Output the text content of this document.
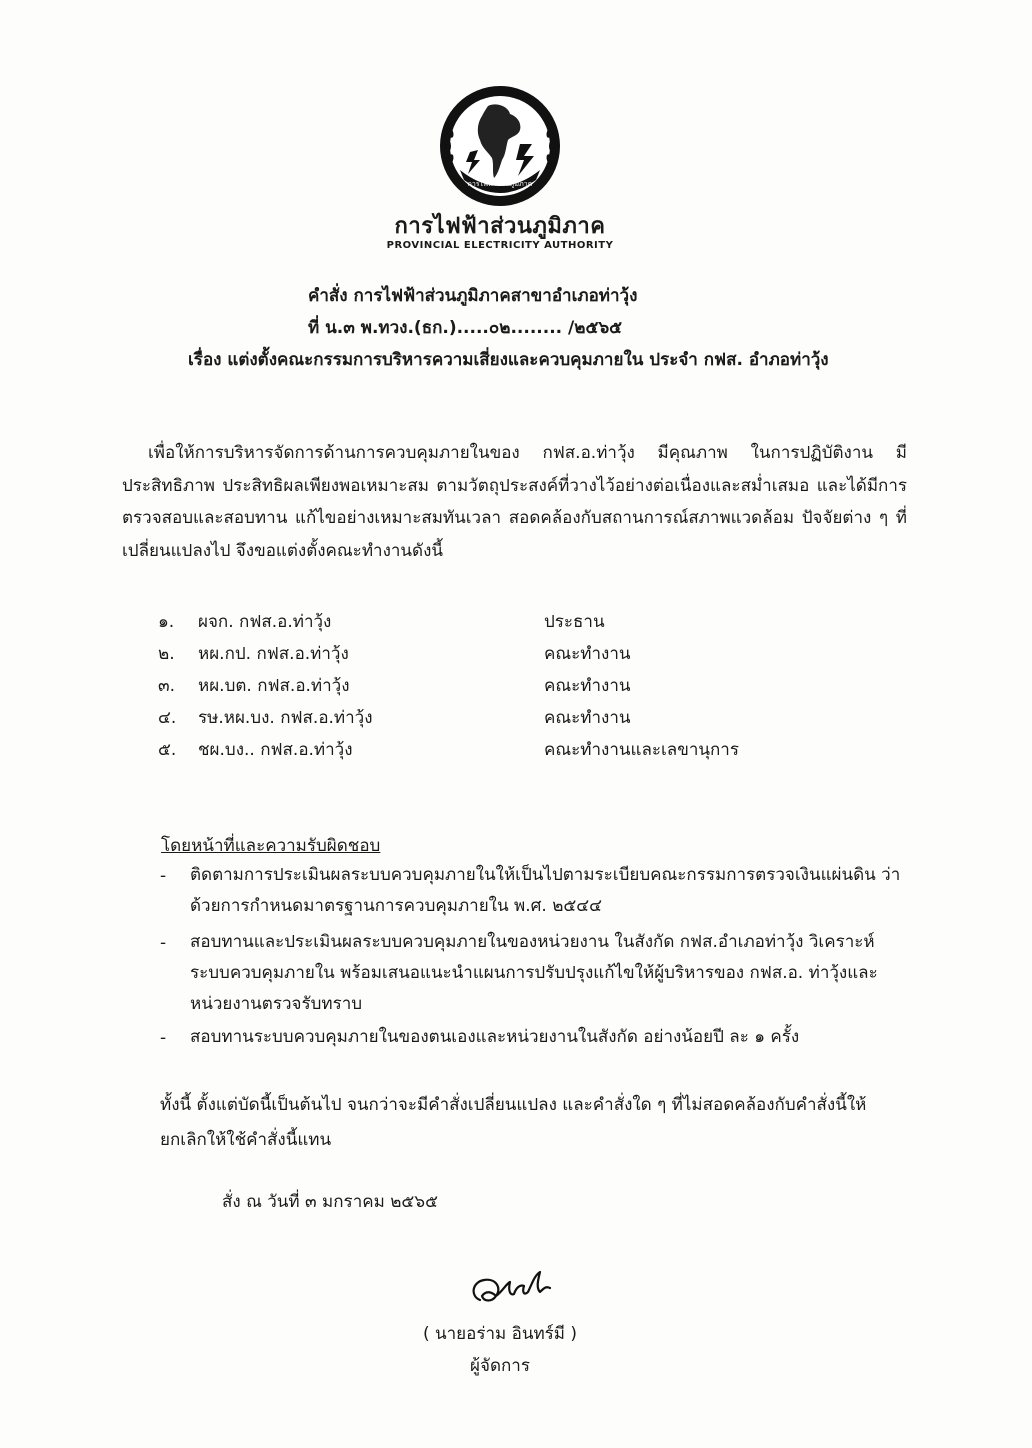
การไฟฟ้าส่วนภูมิภาค
การไฟฟ้าส่วนภูมิภาค
PROVINCIAL ELECTRICITY AUTHORITY
คำสั่ง การไฟฟ้าส่วนภูมิภาคสาขาอำเภอท่าวุ้ง
ที่ น.๓ พ.ทวง.(ธก.).....๐๒........ /๒๕๖๕
เรื่อง แต่งตั้งคณะกรรมการบริหารความเสี่ยงและควบคุมภายใน ประจำ กฟส. อำภอท่าวุ้ง
เพื่อให้การบริหารจัดการด้านการควบคุมภายในของ กฟส.อ.ท่าวุ้ง มีคุณภาพ ในการปฏิบัติงาน มีประสิทธิภาพ ประสิทธิผลเพียงพอเหมาะสม ตามวัตถุประสงค์ที่วางไว้อย่างต่อเนื่องและสม่ำเสมอ และได้มีการตรวจสอบและสอบทาน แก้ไขอย่างเหมาะสมทันเวลา สอดคล้องกับสถานการณ์สภาพแวดล้อม ปัจจัยต่าง ๆ ที่เปลี่ยนแปลงไป จึงขอแต่งตั้งคณะทำงานดังนี้
๑. ผจก. กฟส.อ.ท่าวุ้ง	ประธาน
๒. หผ.กป. กฟส.อ.ท่าวุ้ง	คณะทำงาน
๓. หผ.บต. กฟส.อ.ท่าวุ้ง	คณะทำงาน
๔. รษ.หผ.บง. กฟส.อ.ท่าวุ้ง	คณะทำงาน
๕. ชผ.บง.. กฟส.อ.ท่าวุ้ง	คณะทำงานและเลขานุการ
โดยหน้าที่และความรับผิดชอบ
- ติดตามการประเมินผลระบบควบคุมภายในให้เป็นไปตามระเบียบคณะกรรมการตรวจเงินแผ่นดิน ว่าด้วยการกำหนดมาตรฐานการควบคุมภายใน พ.ศ. ๒๕๔๔
- สอบทานและประเมินผลระบบควบคุมภายในของหน่วยงาน ในสังกัด กฟส.อำเภอท่าวุ้ง วิเคราะห์ระบบควบคุมภายใน พร้อมเสนอแนะนำแผนการปรับปรุงแก้ไขให้ผู้บริหารของ กฟส.อ. ท่าวุ้งและหน่วยงานตรวจรับทราบ
- สอบทานระบบควบคุมภายในของตนเองและหน่วยงานในสังกัด อย่างน้อยปี ละ ๑ ครั้ง
ทั้งนี้ ตั้งแต่บัดนี้เป็นต้นไป จนกว่าจะมีคำสั่งเปลี่ยนแปลง และคำสั่งใด ๆ ที่ไม่สอดคล้องกับคำสั่งนี้ให้ยกเลิกให้ใช้คำสั่งนี้แทน
สั่ง ณ วันที่ ๓ มกราคม ๒๕๖๕
( นายอร่าม อินทร์มี )
ผู้จัดการ
